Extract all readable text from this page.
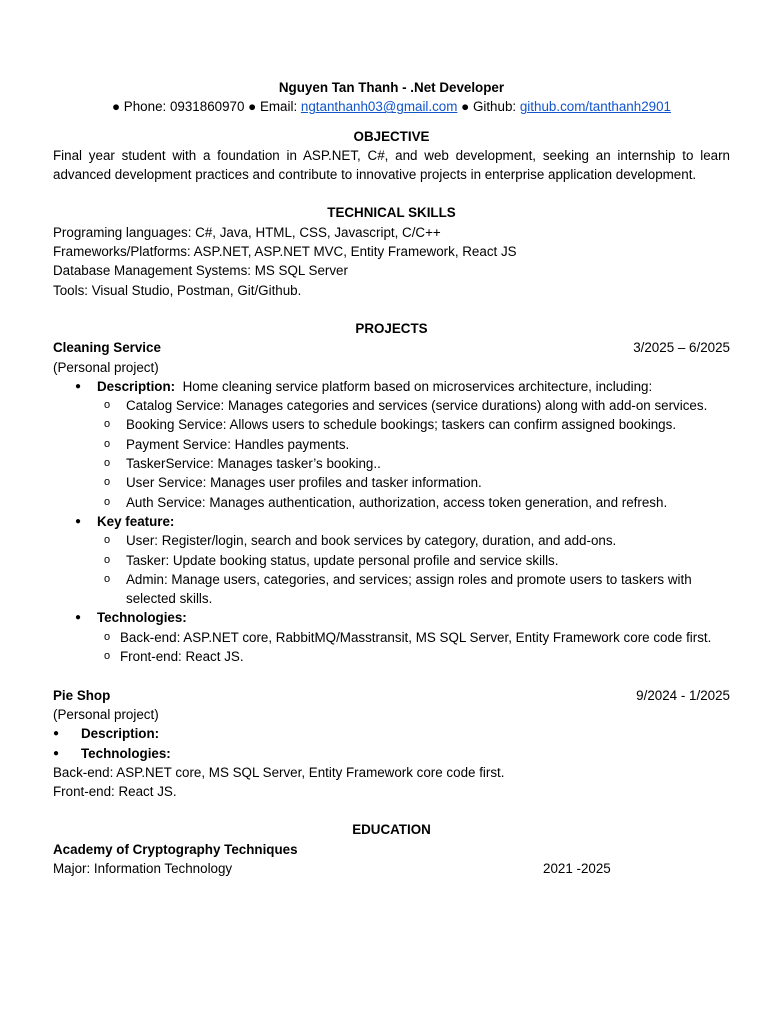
Nguyen Tan Thanh - .Net Developer
● Phone: 0931860970 ● Email: ngtanthanh03@gmail.com ● Github: github.com/tanthanh2901
OBJECTIVE
Final year student with a foundation in ASP.NET, C#, and web development, seeking an internship to learn
advanced development practices and contribute to innovative projects in enterprise application development.
TECHNICAL SKILLS
Programing languages: C#, Java, HTML, CSS, Javascript, C/C++
Frameworks/Platforms: ASP.NET, ASP.NET MVC, Entity Framework, React JS
Database Management Systems: MS SQL Server
Tools: Visual Studio, Postman, Git/Github.
PROJECTS
Cleaning Service	3/2025 – 6/2025
(Personal project)
● Description:  Home cleaning service platform based on microservices architecture, including:
o Catalog Service: Manages categories and services (service durations) along with add-on services.
o Booking Service: Allows users to schedule bookings; taskers can confirm assigned bookings.
o Payment Service: Handles payments.
o TaskerService: Manages tasker’s booking..
o User Service: Manages user profiles and tasker information.
o Auth Service: Manages authentication, authorization, access token generation, and refresh.
● Key feature:
o User: Register/login, search and book services by category, duration, and add-ons.
o Tasker: Update booking status, update personal profile and service skills.
o Admin: Manage users, categories, and services; assign roles and promote users to taskers with selected skills.
● Technologies:
o Back-end: ASP.NET core, RabbitMQ/Masstransit, MS SQL Server, Entity Framework core code first.
o Front-end: React JS.
Pie Shop	9/2024 - 1/2025
(Personal project)
● Description:
● Technologies:
Back-end: ASP.NET core, MS SQL Server, Entity Framework core code first.
Front-end: React JS.
EDUCATION
Academy of Cryptography Techniques
Major: Information Technology	2021 -2025
